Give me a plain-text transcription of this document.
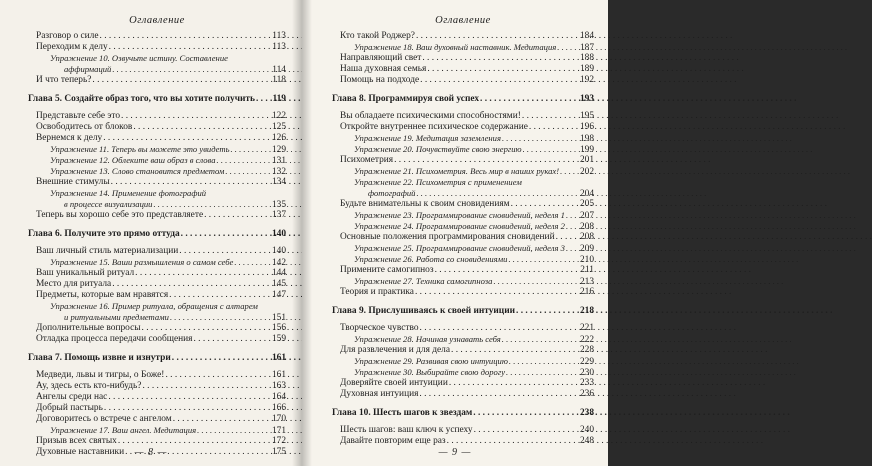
Оглавление
Разговор о силе . . .	113
Переходим к делу . . .	113
Упражнение 10. Озвучьте истину. Составление
аффирмаций . . .	114
И что теперь? . . .	118
Глава 5. Создайте образ того, что вы хотите получить . . . 119
Представьте себе это . . .	122
Освободитесь от блоков . . .	125
Вернемся к делу . . .	126
Упражнение 11. Теперь вы можете это увидеть . . .	129
Упражнение 12. Облеките ваш образ в слова . . .	131
Упражнение 13. Слово становится предметом . . .	132
Внешние стимулы . . .	134
Упражнение 14. Применение фотографий
в процессе визуализации . . .	135
Теперь вы хорошо себе это представляете . . .	137
Глава 6. Получите это прямо оттуда . . .	140
Ваш личный стиль материализации . . .	140
Упражнение 15. Ваши размышления о самом себе . . .	142
Ваш уникальный ритуал . . .	144
Место для ритуала . . .	145
Предметы, которые вам нравятся . . .	147
Упражнение 16. Пример ритуала, обращения с алтарем
и ритуальными предметами . . .	151
Дополнительные вопросы . . .	156
Отладка процесса передачи сообщения . . .	159
Глава 7. Помощь извне и изнутри . . .	161
Медведи, львы и тигры, о Боже! . . .	161
Ау, здесь есть кто-нибудь? . . .	163
Ангелы среди нас . . .	164
Добрый пастырь . . .	166
Договоритесь о встрече с ангелом . . .	170
Упражнение 17. Ваш ангел. Медитация . . .	171
Призыв всех святых . . .	172
Духовные наставники . . .	175
— 8 —
Оглавление
Кто такой Роджер? . . .	184
Упражнение 18. Ваш духовный наставник. Медитация . . .	187
Направляющий свет . . .	188
Наша духовная семья . . .	189
Помощь на подходе . . .	192
Глава 8. Программируя свой успех . . .	193
Вы обладаете психическими способностями! . . .	195
Откройте внутреннее психическое содержание . . .	196
Упражнение 19. Медитация заземления . . .	198
Упражнение 20. Почувствуйте свою энергию . . .	199
Психометрия . . .	201
Упражнение 21. Психометрия. Весь мир в наших руках! . . . 202
Упражнение 22. Психометрия с применением
фотографий . . .	204
Будьте внимательны к своим сновидениям . . .	205
Упражнение 23. Программирование сновидений, неделя 1 . . . 207
Упражнение 24. Программирование сновидений, неделя 2 . . . 208
Основные положения программирования сновидений . . .	208
Упражнение 25. Программирование сновидений, неделя 3 . . . 209
Упражнение 26. Работа со сновидениями . . .	210
Примените самогипноз . . .	211
Упражнение 27. Техника самогипноза . . .	213
Теория и практика . . .	216
Глава 9. Прислушиваясь к своей интуиции . . .	218
Творческое чувство . . .	221
Упражнение 28. Начиная узнавать себя . . .	222
Для развлечения и для дела . . .	228
Упражнение 29. Развивая свою интуицию . . .	229
Упражнение 30. Выбирайте свою дорогу . . .	230
Доверяйте своей интуиции . . .	233
Духовная интуиция . . .	236
Глава 10. Шесть шагов к звездам . . .	238
Шесть шагов: ваш ключ к успеху . . .	240
Давайте повторим еще раз . . .	248
— 9 —
